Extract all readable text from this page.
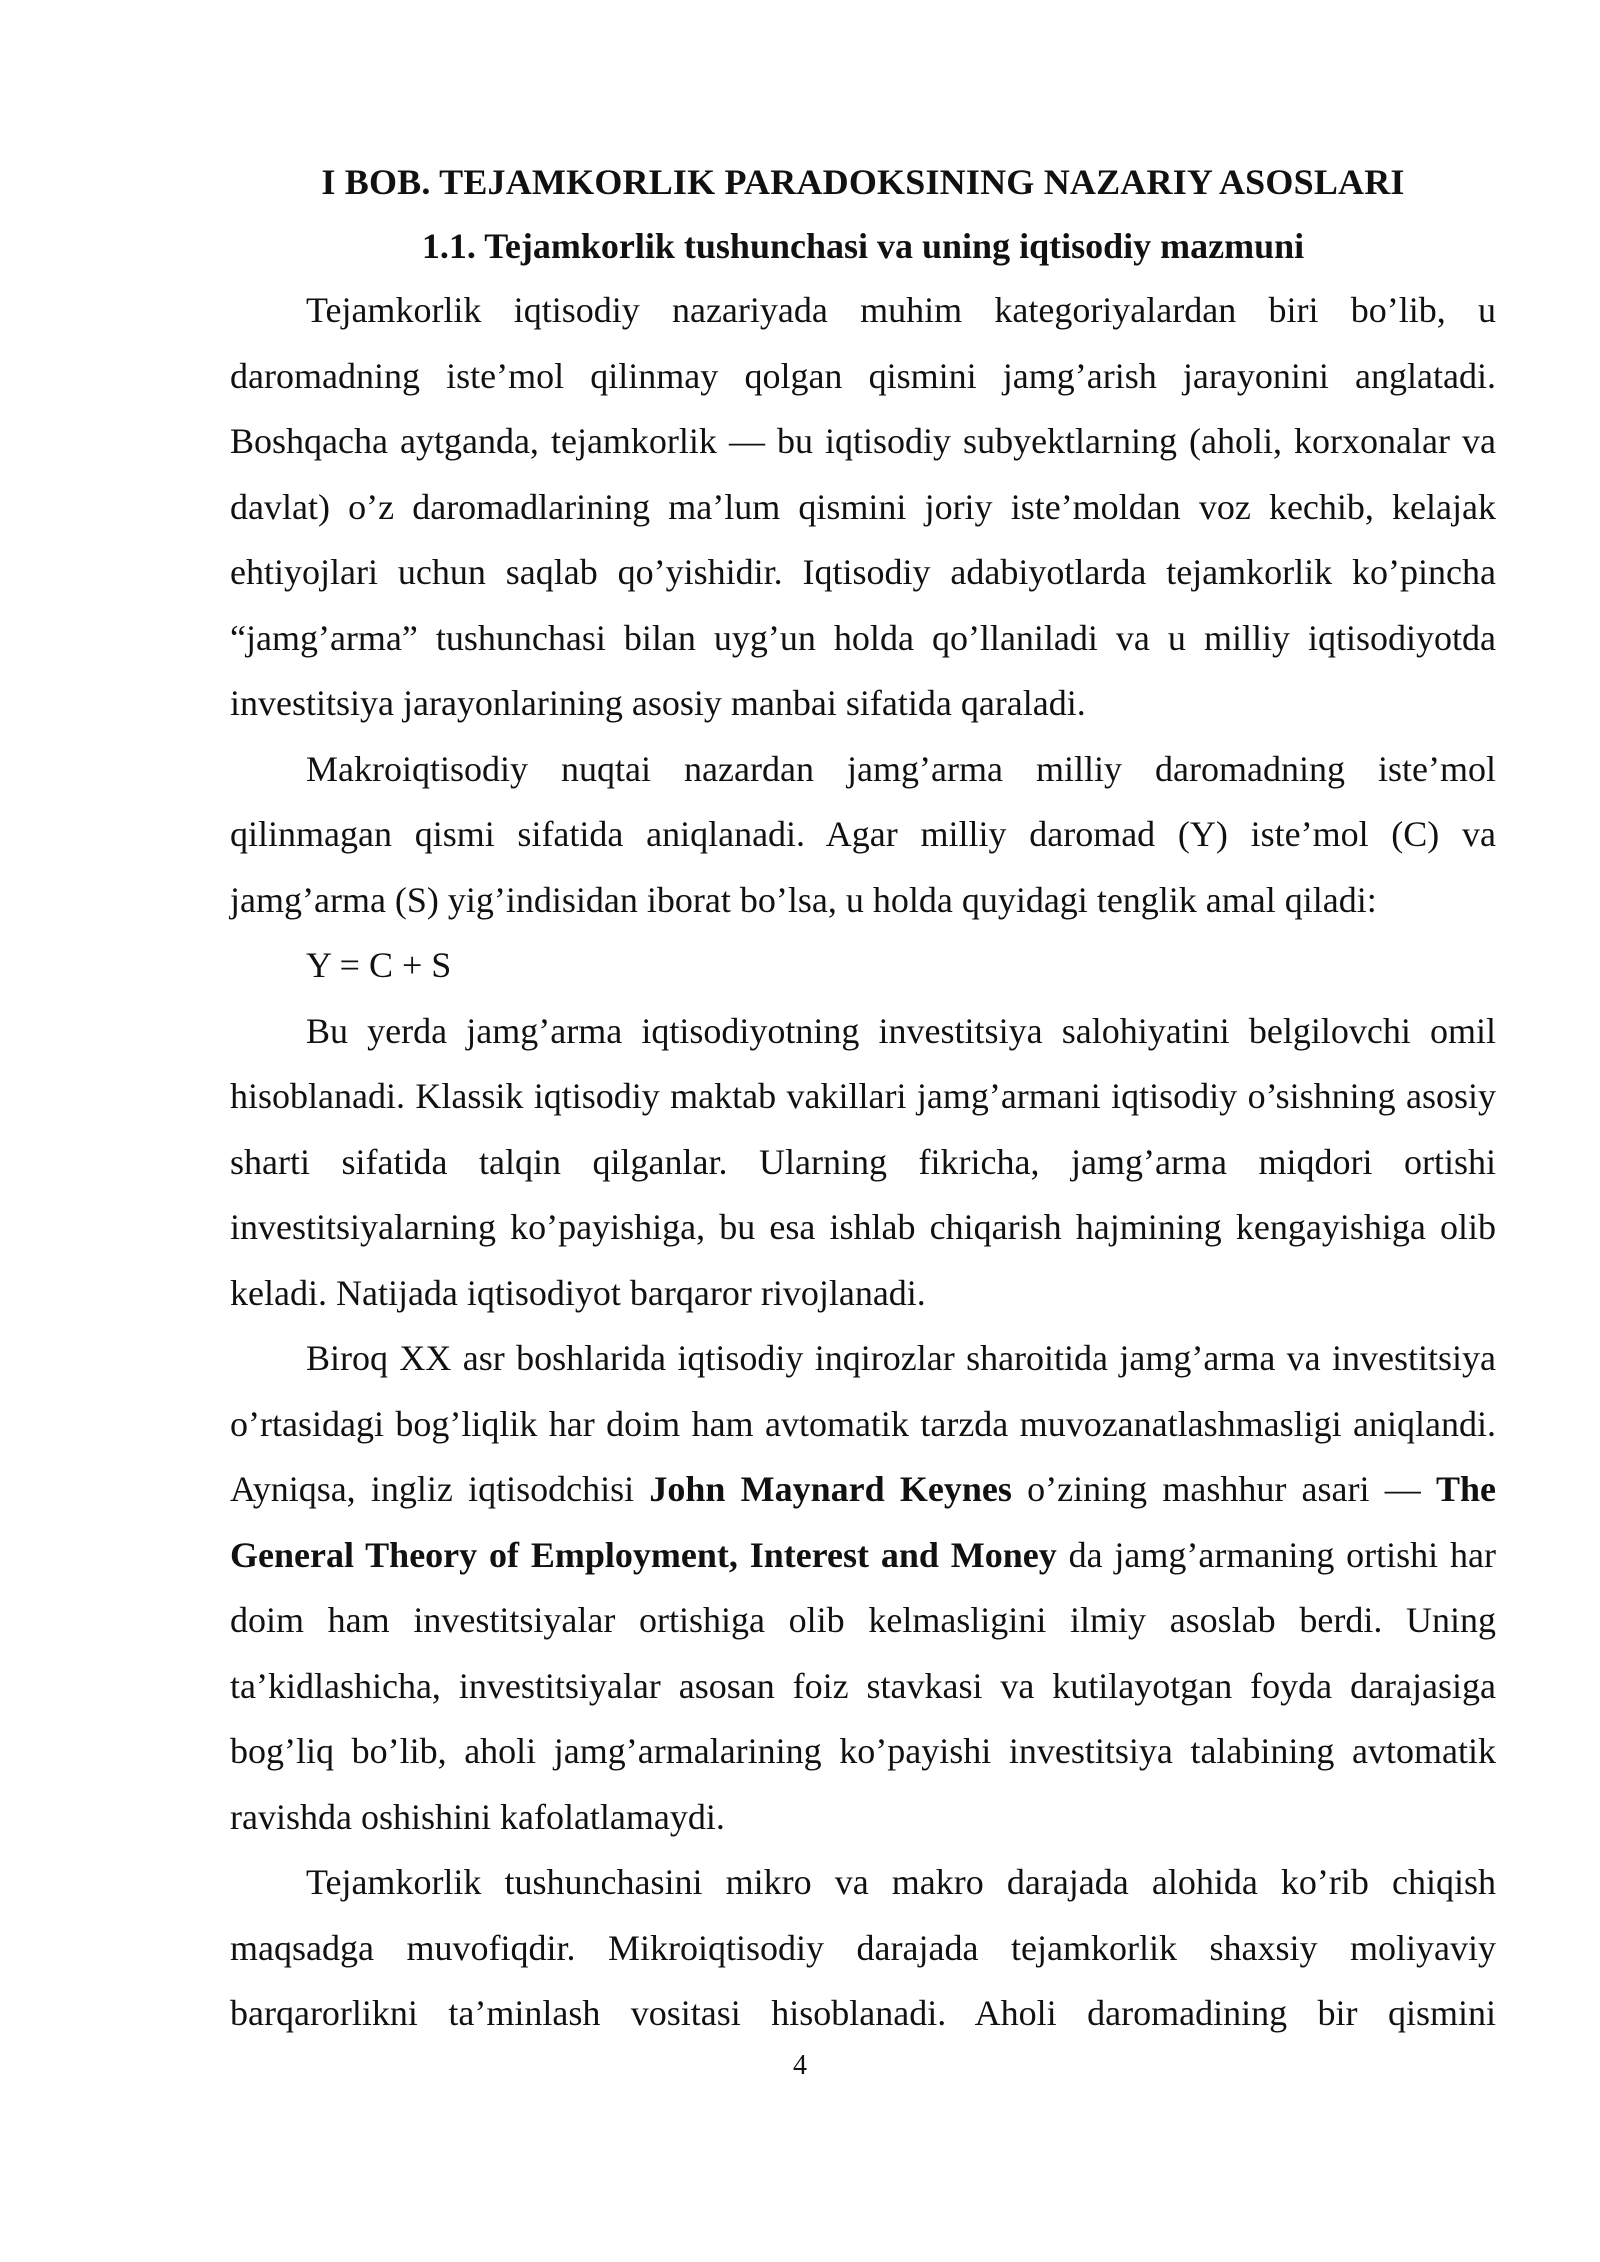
I BOB. TEJAMKORLIK PARADOKSINING NAZARIY ASOSLARI
1.1. Tejamkorlik tushunchasi va uning iqtisodiy mazmuni

Tejamkorlik iqtisodiy nazariyada muhim kategoriyalardan biri bo’lib, u daromadning iste’mol qilinmay qolgan qismini jamg’arish jarayonini anglatadi. Boshqacha aytganda, tejamkorlik — bu iqtisodiy subyektlarning (aholi, korxonalar va davlat) o’z daromadlarining ma’lum qismini joriy iste’moldan voz kechib, kelajak ehtiyojlari uchun saqlab qo’yishidir. Iqtisodiy adabiyotlarda tejamkorlik ko’pincha “jamg’arma” tushunchasi bilan uyg’un holda qo’llaniladi va u milliy iqtisodiyotda investitsiya jarayonlarining asosiy manbai sifatida qaraladi.

Makroiqtisodiy nuqtai nazardan jamg’arma milliy daromadning iste’mol qilinmagan qismi sifatida aniqlanadi. Agar milliy daromad (Y) iste’mol (C) va jamg’arma (S) yig’indisidan iborat bo’lsa, u holda quyidagi tenglik amal qiladi:

Y = C + S

Bu yerda jamg’arma iqtisodiyotning investitsiya salohiyatini belgilovchi omil hisoblanadi. Klassik iqtisodiy maktab vakillari jamg’armani iqtisodiy o’sishning asosiy sharti sifatida talqin qilganlar. Ularning fikricha, jamg’arma miqdori ortishi investitsiyalarning ko’payishiga, bu esa ishlab chiqarish hajmining kengayishiga olib keladi. Natijada iqtisodiyot barqaror rivojlanadi.

Biroq XX asr boshlarida iqtisodiy inqirozlar sharoitida jamg’arma va investitsiya o’rtasidagi bog’liqlik har doim ham avtomatik tarzda muvozanatlashmasligi aniqlandi. Ayniqsa, ingliz iqtisodchisi John Maynard Keynes o’zining mashhur asari — The General Theory of Employment, Interest and Money da jamg’armaning ortishi har doim ham investitsiyalar ortishiga olib kelmasligini ilmiy asoslab berdi. Uning ta’kidlashicha, investitsiyalar asosan foiz stavkasi va kutilayotgan foyda darajasiga bog’liq bo’lib, aholi jamg’armalarining ko’payishi investitsiya talabining avtomatik ravishda oshishini kafolatlamaydi.

Tejamkorlik tushunchasini mikro va makro darajada alohida ko’rib chiqish maqsadga muvofiqdir. Mikroiqtisodiy darajada tejamkorlik shaxsiy moliyaviy barqarorlikni ta’minlash vositasi hisoblanadi. Aholi daromadining bir qismini

4
